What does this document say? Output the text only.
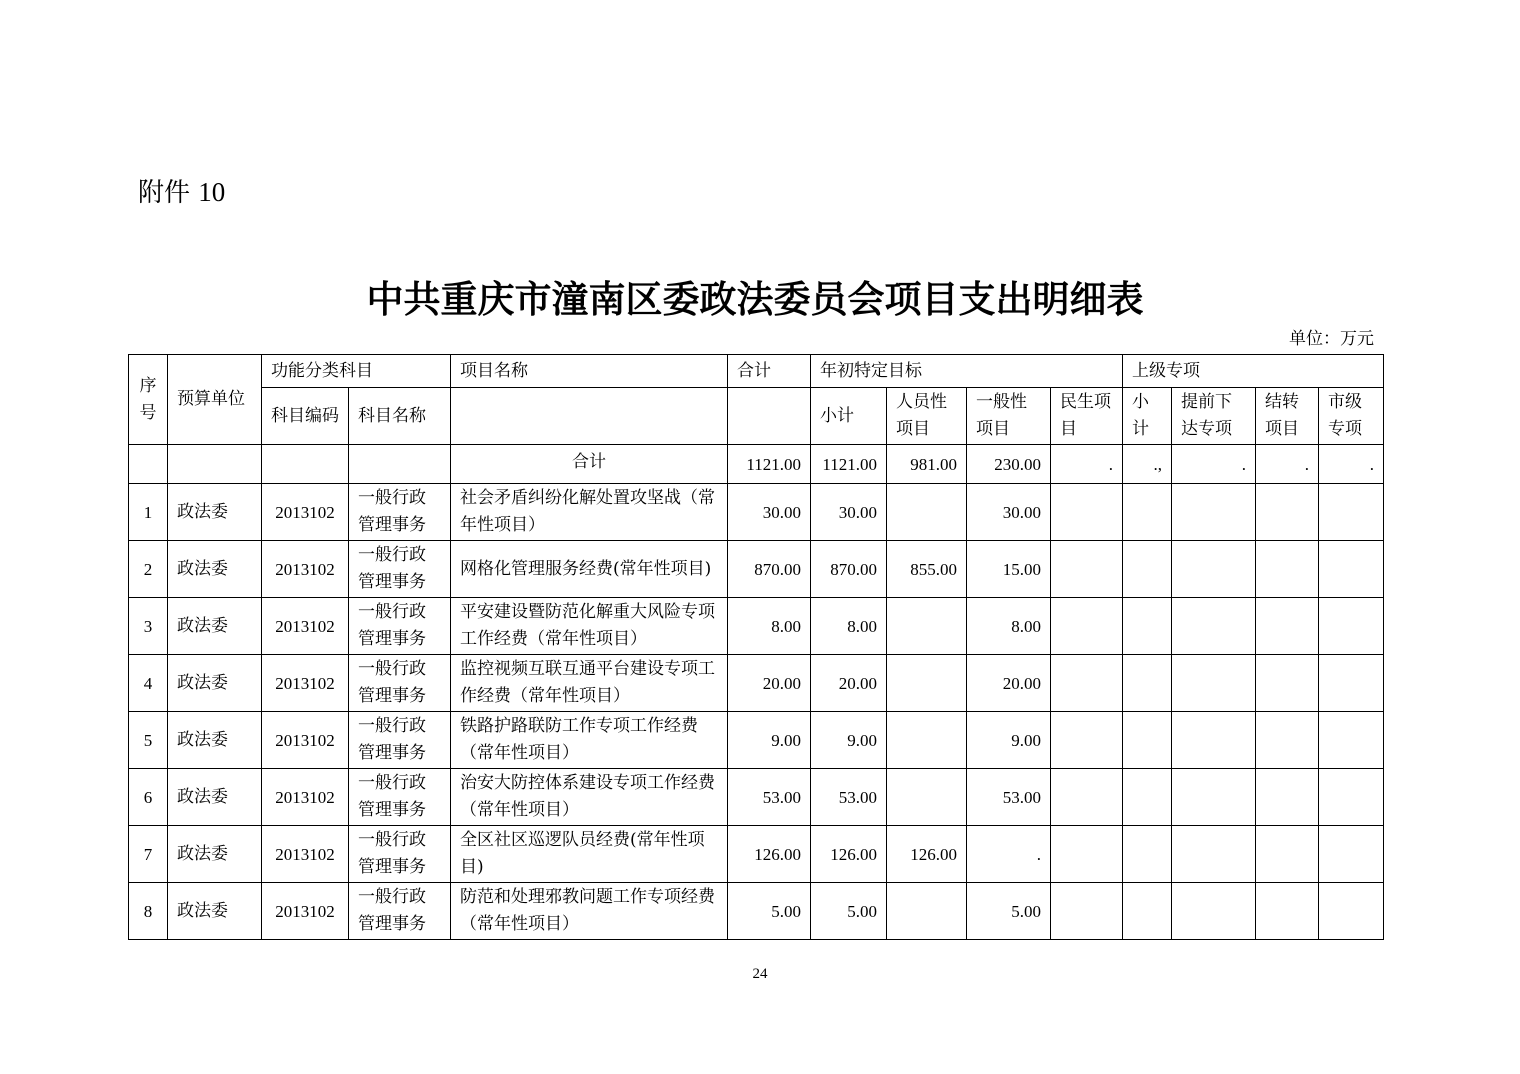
附件 10
中共重庆市潼南区委政法委员会项目支出明细表
单位：万元
序号	预算单位	功能分类科目		项目名称	合计	年初特定目标				上级专项			
		科目编码	科目名称			小计	人员性项目	一般性项目	民生项目	小计	提前下达专项	结转项目	市级专项
				合计	1121.00	1121.00	981.00	230.00	.	.,	.	.	.
1	政法委	2013102	一般行政管理事务	社会矛盾纠纷化解处置攻坚战（常年性项目）	30.00	30.00		30.00					
2	政法委	2013102	一般行政管理事务	网格化管理服务经费(常年性项目)	870.00	870.00	855.00	15.00					
3	政法委	2013102	一般行政管理事务	平安建设暨防范化解重大风险专项工作经费（常年性项目）	8.00	8.00		8.00					
4	政法委	2013102	一般行政管理事务	监控视频互联互通平台建设专项工作经费（常年性项目）	20.00	20.00		20.00					
5	政法委	2013102	一般行政管理事务	铁路护路联防工作专项工作经费（常年性项目）	9.00	9.00		9.00					
6	政法委	2013102	一般行政管理事务	治安大防控体系建设专项工作经费（常年性项目）	53.00	53.00		53.00					
7	政法委	2013102	一般行政管理事务	全区社区巡逻队员经费(常年性项目)	126.00	126.00	126.00	.					
8	政法委	2013102	一般行政管理事务	防范和处理邪教问题工作专项经费（常年性项目）	5.00	5.00		5.00					
24
